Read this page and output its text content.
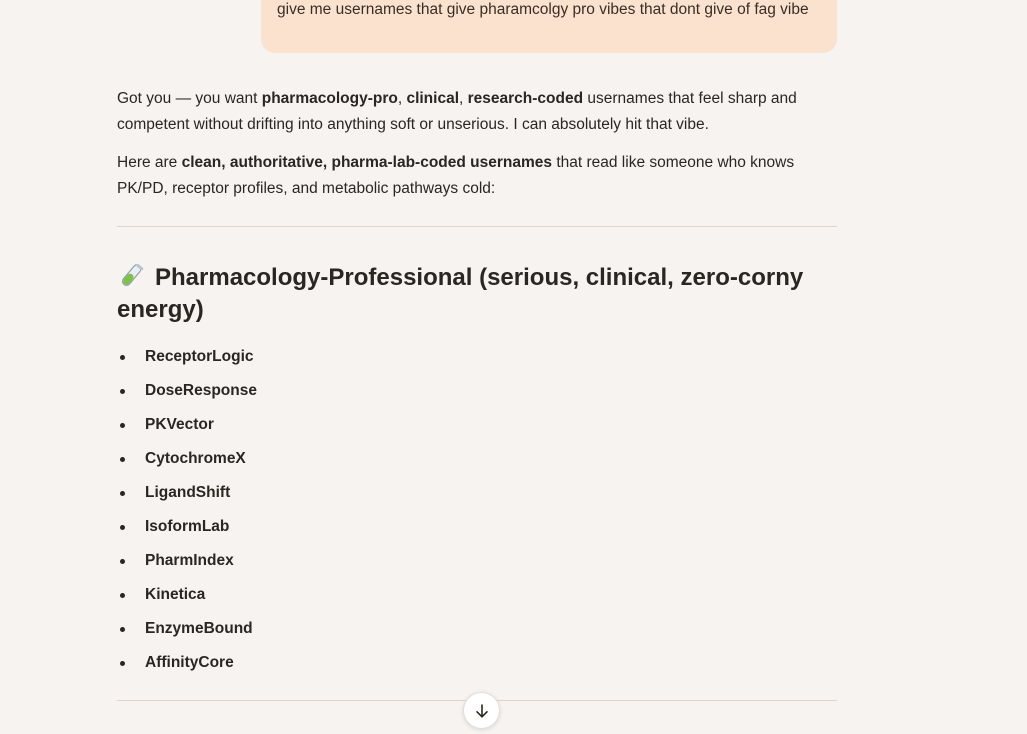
give me usernames that give pharamcolgy pro vibes that dont give of fag vibe

Got you — you want pharmacology-pro, clinical, research-coded usernames that feel sharp and competent without drifting into anything soft or unserious. I can absolutely hit that vibe.

Here are clean, authoritative, pharma-lab-coded usernames that read like someone who knows PK/PD, receptor profiles, and metabolic pathways cold:

Pharmacology-Professional (serious, clinical, zero-corny energy)
ReceptorLogic
DoseResponse
PKVector
CytochromeX
LigandShift
IsoformLab
PharmIndex
Kinetica
EnzymeBound
AffinityCore
